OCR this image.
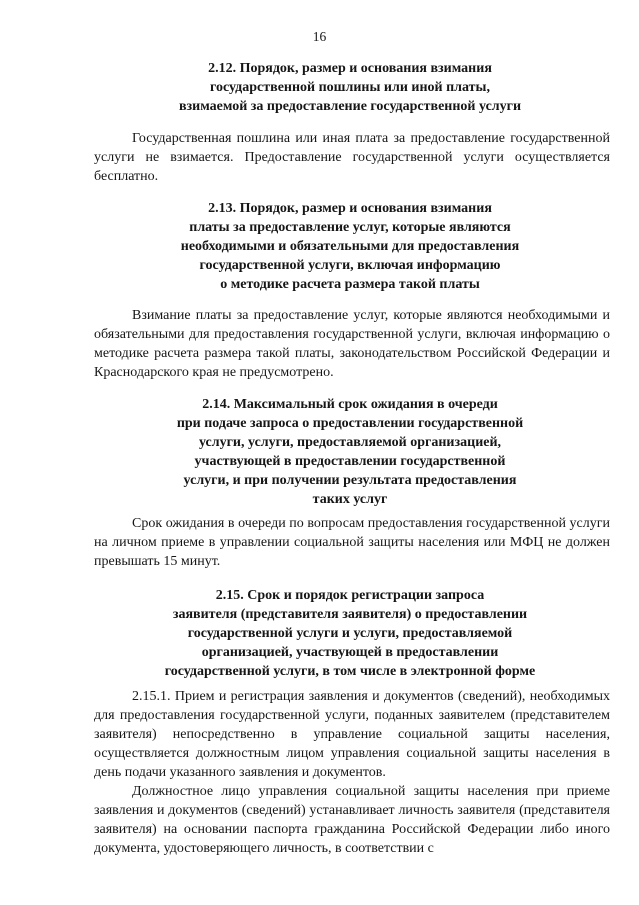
16
2.12. Порядок, размер и основания взимания
государственной пошлины или иной платы,
взимаемой за предоставление государственной услуги

Государственная пошлина или иная плата за предоставление государственной услуги не взимается. Предоставление государственной услуги осуществляется бесплатно.

2.13. Порядок, размер и основания взимания
платы за предоставление услуг, которые являются
необходимыми и обязательными для предоставления
государственной услуги, включая информацию
о методике расчета размера такой платы

Взимание платы за предоставление услуг, которые являются необходимыми и обязательными для предоставления государственной услуги, включая информацию о методике расчета размера такой платы, законодательством Российской Федерации и Краснодарского края не предусмотрено.

2.14. Максимальный срок ожидания в очереди
при подаче запроса о предоставлении государственной
услуги, услуги, предоставляемой организацией,
участвующей в предоставлении государственной
услуги, и при получении результата предоставления
таких услуг

Срок ожидания в очереди по вопросам предоставления государственной услуги на личном приеме в управлении социальной защиты населения или МФЦ не должен превышать 15 минут.

2.15. Срок и порядок регистрации запроса
заявителя (представителя заявителя) о предоставлении
государственной услуги и услуги, предоставляемой
организацией, участвующей в предоставлении
государственной услуги, в том числе в электронной форме

2.15.1. Прием и регистрация заявления и документов (сведений), необходимых для предоставления государственной услуги, поданных заявителем (представителем заявителя) непосредственно в управление социальной защиты населения, осуществляется должностным лицом управления социальной защиты населения в день подачи указанного заявления и документов.

Должностное лицо управления социальной защиты населения при приеме заявления и документов (сведений) устанавливает личность заявителя (представителя заявителя) на основании паспорта гражданина Российской Федерации либо иного документа, удостоверяющего личность, в соответствии с
